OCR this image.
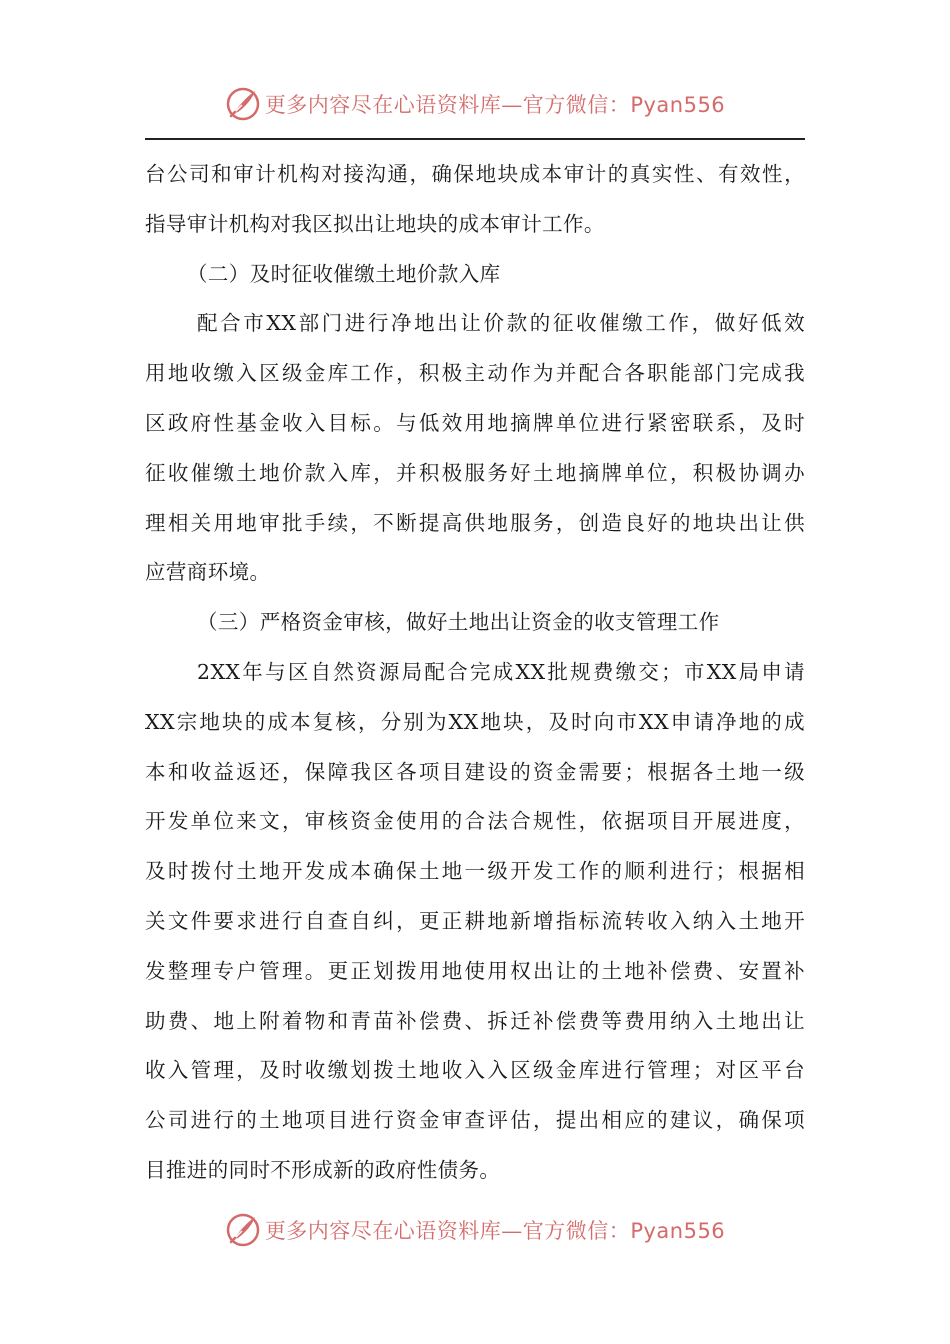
更多内容尽在心语资料库—官方微信：Pyan556
台公司和审计机构对接沟通，确保地块成本审计的真实性、有效性，
指导审计机构对我区拟出让地块的成本审计工作。
（二）及时征收催缴土地价款入库
配合市XX部门进行净地出让价款的征收催缴工作，做好低效
用地收缴入区级金库工作，积极主动作为并配合各职能部门完成我
区政府性基金收入目标。与低效用地摘牌单位进行紧密联系，及时
征收催缴土地价款入库，并积极服务好土地摘牌单位，积极协调办
理相关用地审批手续，不断提高供地服务，创造良好的地块出让供
应营商环境。
（三）严格资金审核，做好土地出让资金的收支管理工作
2XX年与区自然资源局配合完成XX批规费缴交；市XX局申请
XX宗地块的成本复核，分别为XX地块，及时向市XX申请净地的成
本和收益返还，保障我区各项目建设的资金需要；根据各土地一级
开发单位来文，审核资金使用的合法合规性，依据项目开展进度，
及时拨付土地开发成本确保土地一级开发工作的顺利进行；根据相
关文件要求进行自查自纠，更正耕地新增指标流转收入纳入土地开
发整理专户管理。更正划拨用地使用权出让的土地补偿费、安置补
助费、地上附着物和青苗补偿费、拆迁补偿费等费用纳入土地出让
收入管理，及时收缴划拨土地收入入区级金库进行管理；对区平台
公司进行的土地项目进行资金审查评估，提出相应的建议，确保项
目推进的同时不形成新的政府性债务。
更多内容尽在心语资料库—官方微信：Pyan556
